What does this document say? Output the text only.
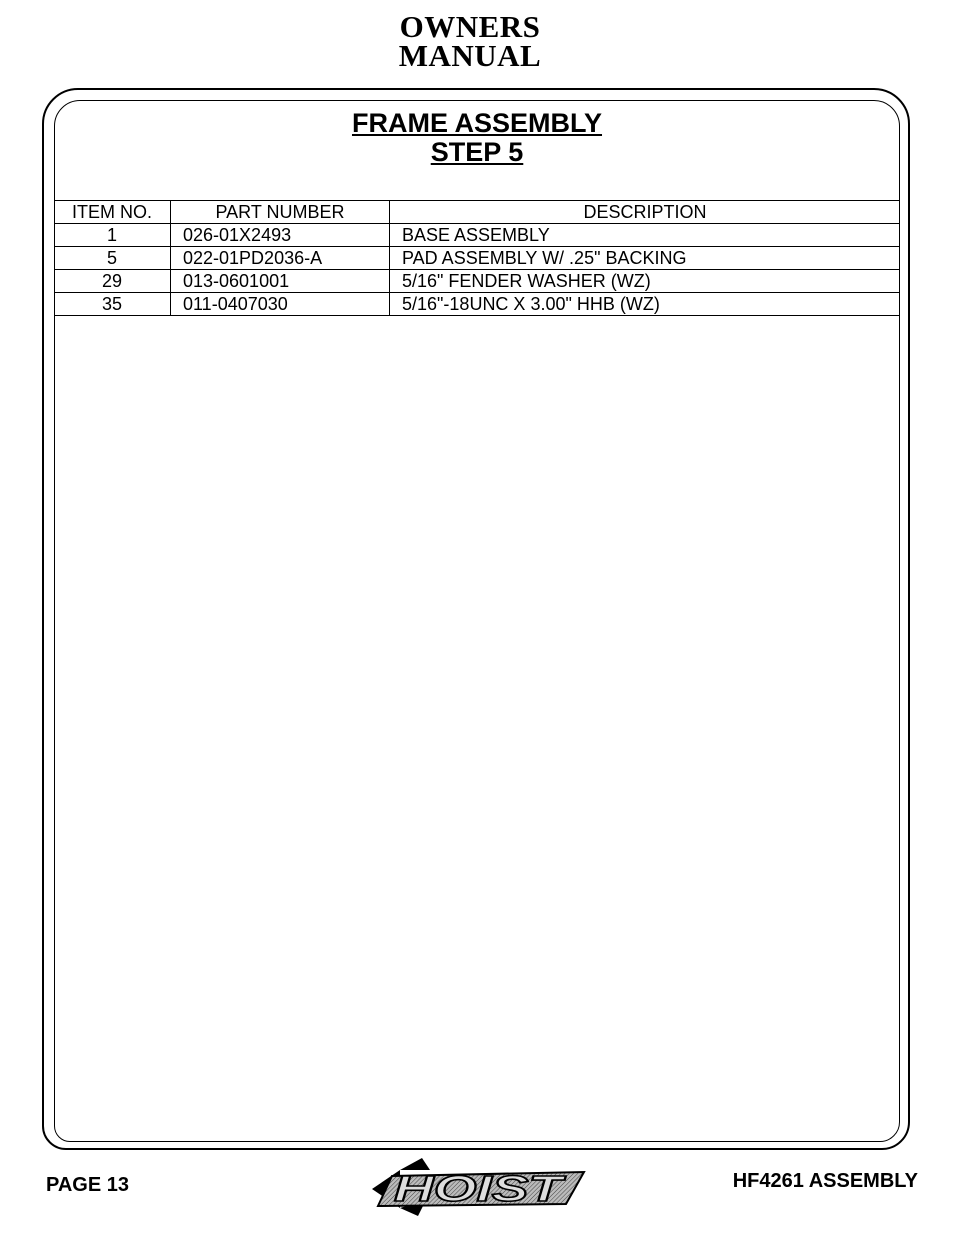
OWNERS
MANUAL
FRAME ASSEMBLY
STEP 5
ITEM NO.	PART NUMBER	DESCRIPTION
1	026-01X2493	BASE ASSEMBLY
5	022-01PD2036-A	PAD ASSEMBLY W/ .25" BACKING
29	013-0601001	5/16" FENDER WASHER (WZ)
35	011-0407030	5/16"-18UNC X 3.00" HHB (WZ)
PAGE 13	HOIST	HF4261 ASSEMBLY
